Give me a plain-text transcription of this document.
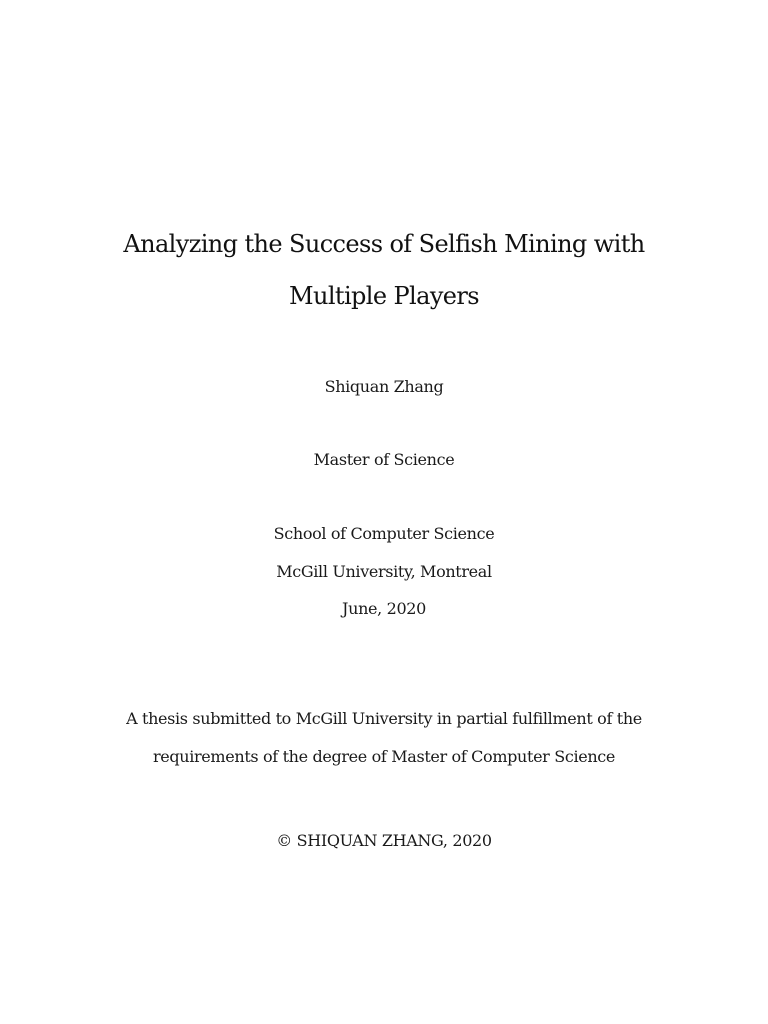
Analyzing the Success of Selfish Mining with
Multiple Players
Shiquan Zhang
Master of Science
School of Computer Science
McGill University, Montreal
June, 2020
A thesis submitted to McGill University in partial fulfillment of the
requirements of the degree of Master of Computer Science
© SHIQUAN ZHANG, 2020
